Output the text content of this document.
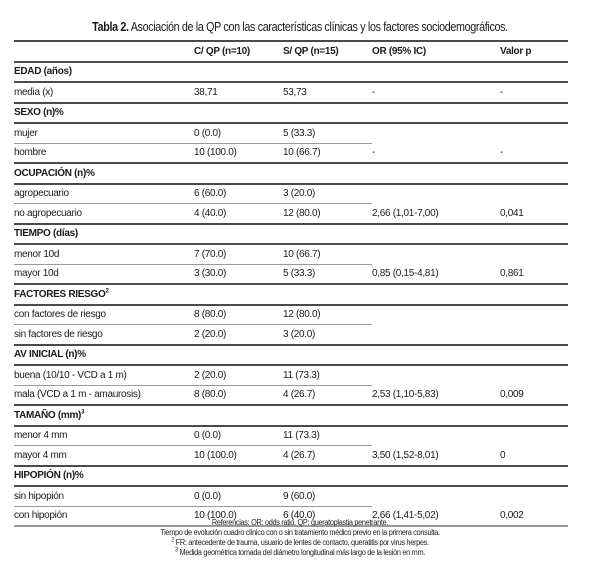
Tabla 2. Asociación de la QP con las características clínicas y los factores sociodemográficos.
	C/ QP (n=10)	S/ QP (n=15)	OR (95% IC)	Valor p
EDAD (años)				
media (x)	38,71	53,73	-	-
SEXO (n)%				
mujer	0 (0.0)	5 (33.3)		
hombre	10 (100.0)	10 (66.7)	-	-
OCUPACIÓN (n)%				
agropecuario	6 (60.0)	3 (20.0)		
no agropecuario	4 (40.0)	12 (80.0)	2,66 (1,01-7,00)	0,041
TIEMPO (días)				
menor 10d	7 (70.0)	10 (66.7)		
mayor 10d	3 (30.0)	5 (33.3)	0,85 (0,15-4,81)	0,861
FACTORES RIESGO$^2$
con factores de riesgo	8 (80.0)	12 (80.0)		
sin factores de riesgo	2 (20.0)	3 (20.0)		
AV INICIAL (n)%				
buena (10/10 - VCD a 1 m)	2 (20.0)	11 (73.3)		
mala (VCD a 1 m - amaurosis)	8 (80.0)	4 (26.7)	2,53 (1,10-5,83)	0,009
TAMAÑO (mm)$^3$
menor 4 mm	0 (0.0)	11 (73.3)		
mayor 4 mm	10 (100.0)	4 (26.7)	3,50 (1,52-8,01)	0
HIPOPIÓN (n)%				
sin hipopión	0 (0.0)	9 (60.0)		
con hipopión	10 (100.0)	6 (40.0)	2,66 (1,41-5,02)	0,002
Referencias: OR: odds ratio. QP: queratoplastia penetrante.
Tiempo de evolución cuadro clínico con o sin tratamiento médico previo en la primera consulta.
$^2$ FR: antecedente de trauma, usuario de lentes de contacto, queratitis por virus herpes.
$^3$ Medida geométrica tomada del diámetro longitudinal más largo de la lesión en mm.
